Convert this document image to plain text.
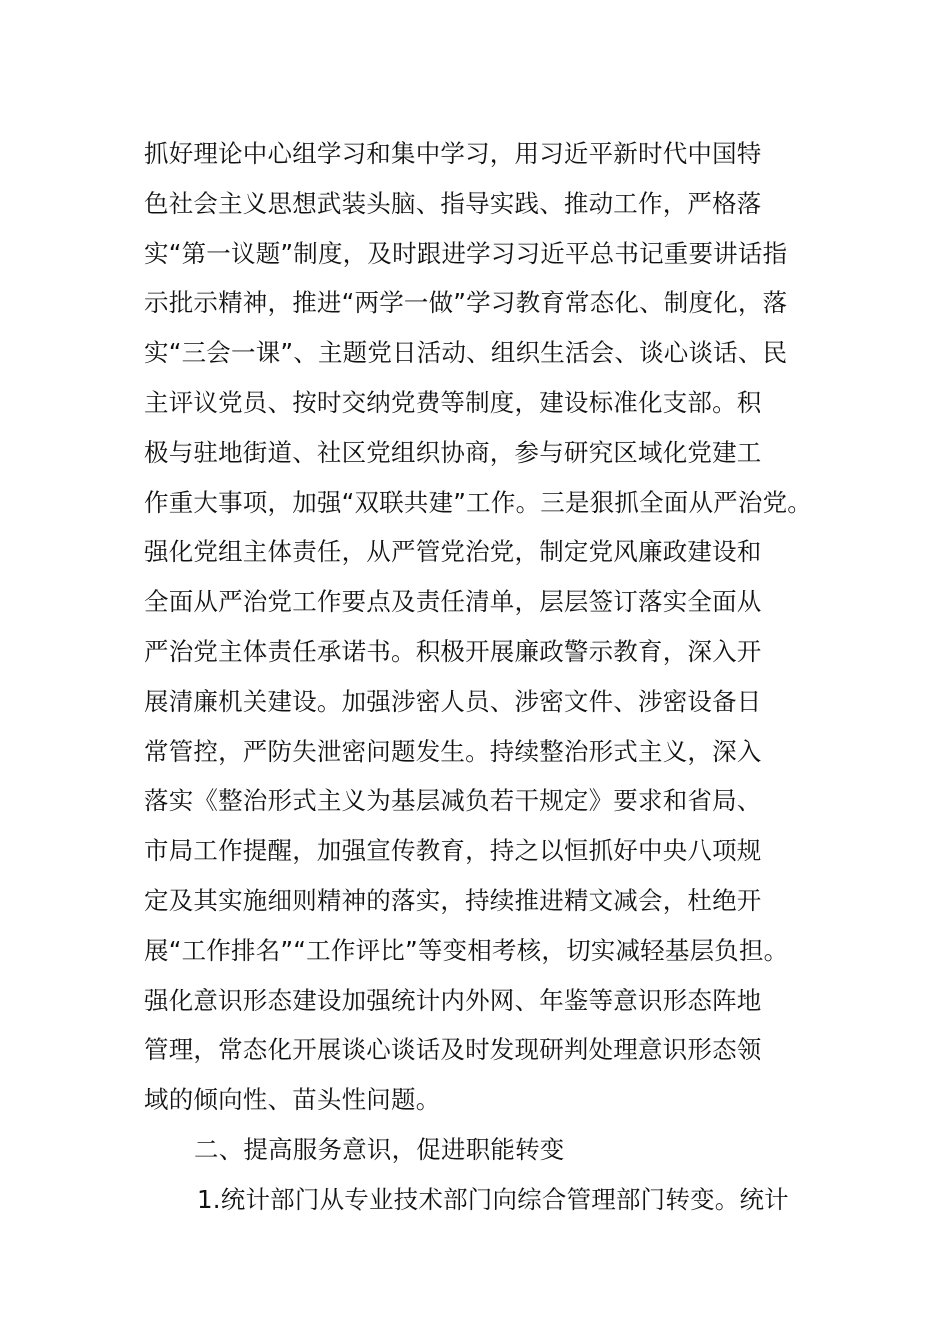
抓好理论中心组学习和集中学习，用习近平新时代中国特
色社会主义思想武装头脑、指导实践、推动工作，严格落
实“第一议题”制度，及时跟进学习习近平总书记重要讲话指
示批示精神，推进“两学一做”学习教育常态化、制度化，落
实“三会一课”、主题党日活动、组织生活会、谈心谈话、民
主评议党员、按时交纳党费等制度，建设标准化支部。积
极与驻地街道、社区党组织协商，参与研究区域化党建工
作重大事项，加强“双联共建”工作。三是狠抓全面从严治党。
强化党组主体责任，从严管党治党，制定党风廉政建设和
全面从严治党工作要点及责任清单，层层签订落实全面从
严治党主体责任承诺书。积极开展廉政警示教育，深入开
展清廉机关建设。加强涉密人员、涉密文件、涉密设备日
常管控，严防失泄密问题发生。持续整治形式主义，深入
落实《整治形式主义为基层减负若干规定》要求和省局、
市局工作提醒，加强宣传教育，持之以恒抓好中央八项规
定及其实施细则精神的落实，持续推进精文减会，杜绝开
展“工作排名”“工作评比”等变相考核，切实减轻基层负担。
强化意识形态建设加强统计内外网、年鉴等意识形态阵地
管理，常态化开展谈心谈话及时发现研判处理意识形态领
域的倾向性、苗头性问题。
二、提高服务意识，促进职能转变
1.统计部门从专业技术部门向综合管理部门转变。统计
